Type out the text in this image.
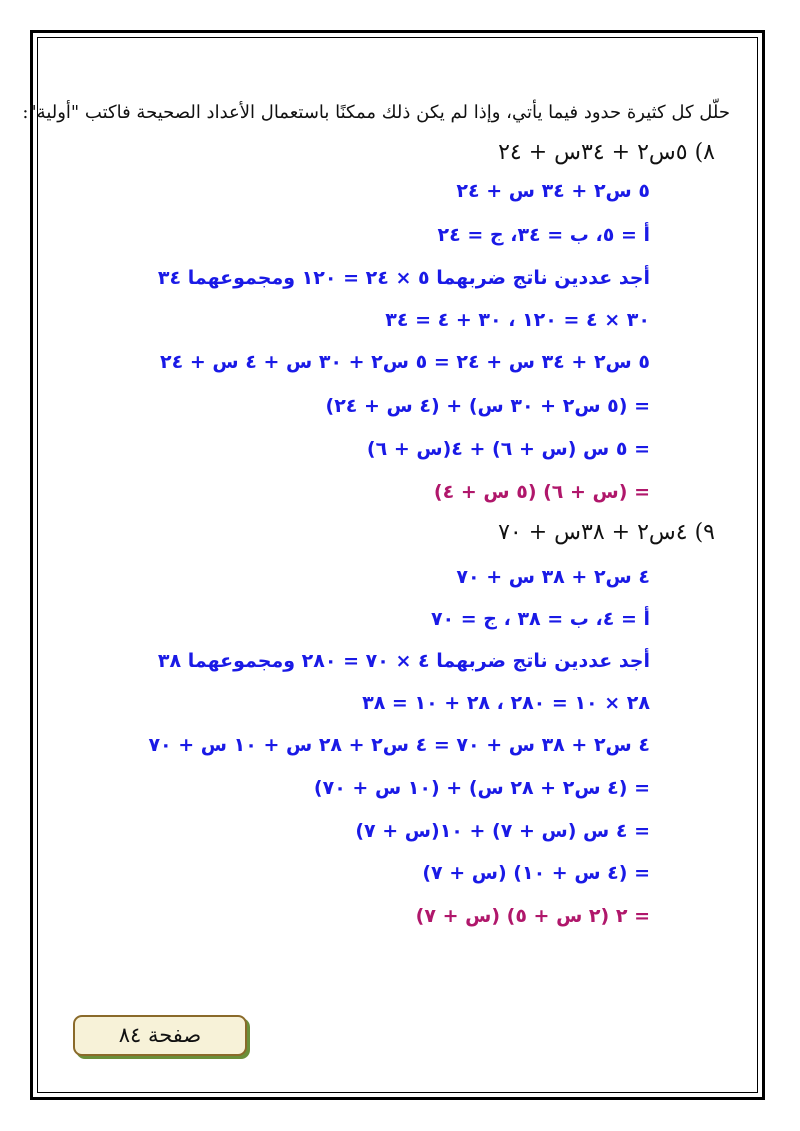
حلّل كل كثيرة حدود فيما يأتي، وإذا لم يكن ذلك ممكنًا باستعمال الأعداد الصحيحة فاكتب "أولية":
٨) ٥س٢ + ٣٤س + ٢٤
٥ س٢ + ٣٤ س + ٢٤
أ = ٥، ب = ٣٤، ج = ٢٤
أجد عددين ناتج ضربهما ٥ × ٢٤ = ١٢٠ ومجموعهما ٣٤
٣٠ × ٤ = ١٢٠ ، ٣٠ + ٤ = ٣٤
٥ س٢ + ٣٤ س + ٢٤ = ٥ س٢ + ٣٠ س + ٤ س + ٢٤
= (٥ س٢ + ٣٠ س) + (٤ س + ٢٤)
= ٥ س (س + ٦) + ٤(س + ٦)
= (س + ٦) (٥ س + ٤)
٩) ٤س٢ + ٣٨س + ٧٠
٤ س٢ + ٣٨ س + ٧٠
أ = ٤، ب = ٣٨ ، ج = ٧٠
أجد عددين ناتج ضربهما ٤ × ٧٠ = ٢٨٠ ومجموعهما ٣٨
٢٨ × ١٠ = ٢٨٠ ، ٢٨ + ١٠ = ٣٨
٤ س٢ + ٣٨ س + ٧٠ = ٤ س٢ + ٢٨ س + ١٠ س + ٧٠
= (٤ س٢ + ٢٨ س) + (١٠ س + ٧٠)
= ٤ س (س + ٧) + ١٠(س + ٧)
= (٤ س + ١٠) (س + ٧)
= ٢ (٢ س + ٥) (س + ٧)
صفحة ٨٤
